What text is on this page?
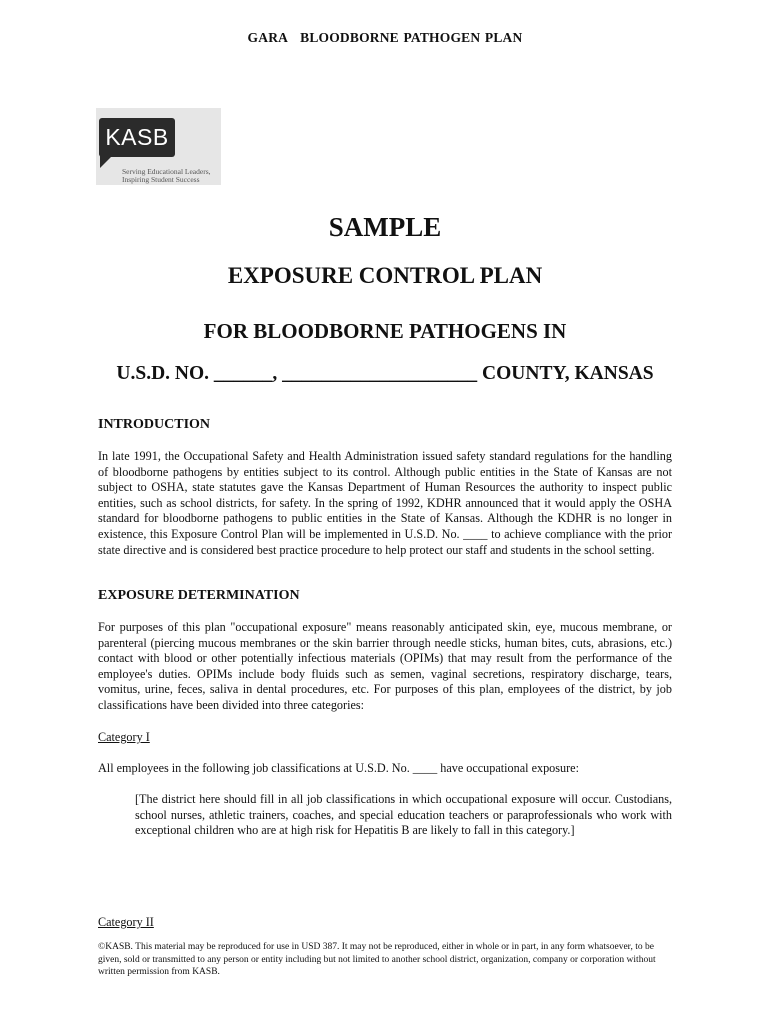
GARA BLOODBORNE PATHOGEN PLAN
KASB
Serving Educational Leaders,
Inspiring Student Success
SAMPLE
EXPOSURE CONTROL PLAN
FOR BLOODBORNE PATHOGENS IN
U.S.D. NO. ______, ____________________ COUNTY, KANSAS
INTRODUCTION

In late 1991, the Occupational Safety and Health Administration issued safety standard regulations for the handling of bloodborne pathogens by entities subject to its control. Although public entities in the State of Kansas are not subject to OSHA, state statutes gave the Kansas Department of Human Resources the authority to inspect public entities, such as school districts, for safety. In the spring of 1992, KDHR announced that it would apply the OSHA standard for bloodborne pathogens to public entities in the State of Kansas. Although the KDHR is no longer in existence, this Exposure Control Plan will be implemented in U.S.D. No. ____ to achieve compliance with the prior state directive and is considered best practice procedure to help protect our staff and students in the school setting.

EXPOSURE DETERMINATION

For purposes of this plan "occupational exposure" means reasonably anticipated skin, eye, mucous membrane, or parenteral (piercing mucous membranes or the skin barrier through needle sticks, human bites, cuts, abrasions, etc.) contact with blood or other potentially infectious materials (OPIMs) that may result from the performance of the employee's duties. OPIMs include body fluids such as semen, vaginal secretions, respiratory discharge, tears, vomitus, urine, feces, saliva in dental procedures, etc. For purposes of this plan, employees of the district, by job classifications have been divided into three categories:

Category I

All employees in the following job classifications at U.S.D. No. ____ have occupational exposure:

[The district here should fill in all job classifications in which occupational exposure will occur. Custodians, school nurses, athletic trainers, coaches, and special education teachers or paraprofessionals who work with exceptional children who are at high risk for Hepatitis B are likely to fall in this category.]

Category II

©KASB. This material may be reproduced for use in USD 387. It may not be reproduced, either in whole or in part, in any form whatsoever, to be given, sold or transmitted to any person or entity including but not limited to another school district, organization, company or corporation without written permission from KASB.
